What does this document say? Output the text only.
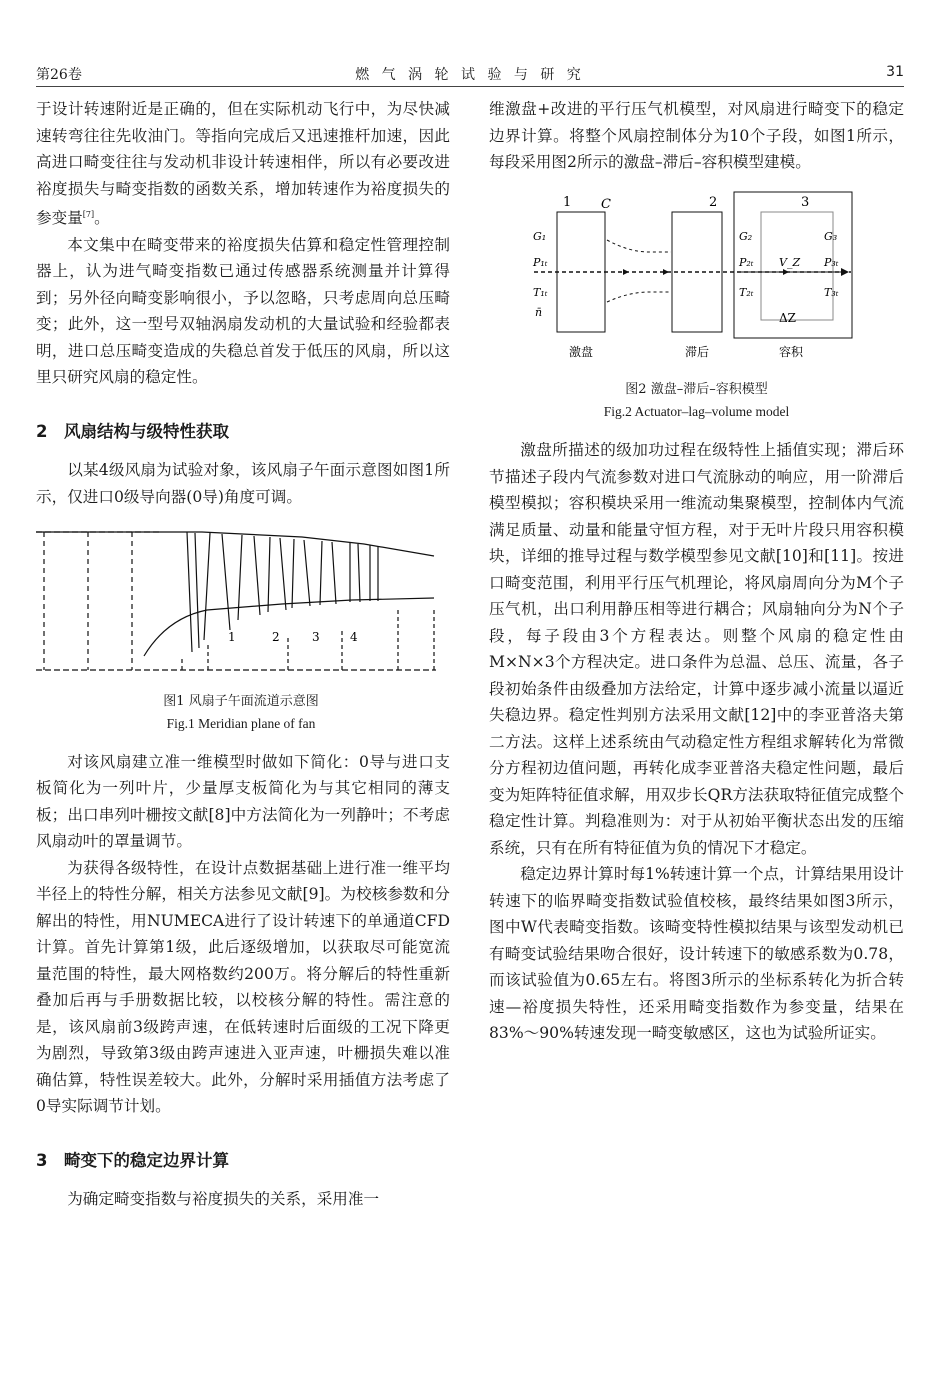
第26卷	燃 气 涡 轮 试 验 与 研 究	31

于设计转速附近是正确的，但在实际机动飞行中，为尽快减速转弯往往先收油门。等指向完成后又迅速推杆加速，因此高进口畸变往往与发动机非设计转速相伴，所以有必要改进裕度损失与畸变指数的函数关系，增加转速作为裕度损失的参变量[7]。

本文集中在畸变带来的裕度损失估算和稳定性管理控制器上，认为进气畸变指数已通过传感器系统测量并计算得到；另外径向畸变影响很小，予以忽略，只考虑周向总压畸变；此外，这一型号双轴涡扇发动机的大量试验和经验都表明，进口总压畸变造成的失稳总首发于低压的风扇，所以这里只研究风扇的稳定性。

2　风扇结构与级特性获取

以某4级风扇为试验对象，该风扇子午面示意图如图1所示，仅进口0级导向器(0导)角度可调。

1	2	3	4
图1 风扇子午面流道示意图
Fig.1 Meridian plane of fan

对该风扇建立准一维模型时做如下简化：0导与进口支板简化为一列叶片，少量厚支板简化为与其它相同的薄支板；出口串列叶栅按文献[8]中方法简化为一列静叶；不考虑风扇动叶的罩量调节。

为获得各级特性，在设计点数据基础上进行准一维平均半径上的特性分解，相关方法参见文献[9]。为校核参数和分解出的特性，用NUMECA进行了设计转速下的单通道CFD计算。首先计算第1级，此后逐级增加，以获取尽可能宽流量范围的特性，最大网格数约200万。将分解后的特性重新叠加后再与手册数据比较，以校核分解的特性。需注意的是，该风扇前3级跨声速，在低转速时后面级的工况下降更为剧烈，导致第3级由跨声速进入亚声速，叶栅损失难以准确估算，特性误差较大。此外，分解时采用插值方法考虑了0导实际调节计划。

3　畸变下的稳定边界计算

为确定畸变指数与裕度损失的关系，采用准一

维激盘+改进的平行压气机模型，对风扇进行畸变下的稳定边界计算。将整个风扇控制体分为10个子段，如图1所示，每段采用图2所示的激盘–滞后–容积模型建模。

1 C	2	3
G₁
P₁ₜ
T₁ₜ
n̄
G₂
P₂ₜ
T₂ₜ
V_Z
G₃
P₃ₜ
T₃ₜ
ΔZ
激盘	滞后	容积
图2 激盘–滞后–容积模型
Fig.2 Actuator–lag–volume model

激盘所描述的级加功过程在级特性上插值实现；滞后环节描述子段内气流参数对进口气流脉动的响应，用一阶滞后模型模拟；容积模块采用一维流动集聚模型，控制体内气流满足质量、动量和能量守恒方程，对于无叶片段只用容积模块，详细的推导过程与数学模型参见文献[10]和[11]。按进口畸变范围，利用平行压气机理论，将风扇周向分为M个子压气机，出口利用静压相等进行耦合；风扇轴向分为N个子段，每子段由3个方程表达。则整个风扇的稳定性由M×N×3个方程决定。进口条件为总温、总压、流量，各子段初始条件由级叠加方法给定，计算中逐步减小流量以逼近失稳边界。稳定性判别方法采用文献[12]中的李亚普洛夫第二方法。这样上述系统由气动稳定性方程组求解转化为常微分方程初边值问题，再转化成李亚普洛夫稳定性问题，最后变为矩阵特征值求解，用双步长QR方法获取特征值完成整个稳定性计算。判稳准则为：对于从初始平衡状态出发的压缩系统，只有在所有特征值为负的情况下才稳定。

稳定边界计算时每1%转速计算一个点，计算结果用设计转速下的临界畸变指数试验值校核，最终结果如图3所示，图中W代表畸变指数。该畸变特性模拟结果与该型发动机已有畸变试验结果吻合很好，设计转速下的敏感系数为0.78，而该试验值为0.65左右。将图3所示的坐标系转化为折合转速—裕度损失特性，还采用畸变指数作为参变量，结果在83%～90%转速发现一畸变敏感区，这也为试验所证实。
